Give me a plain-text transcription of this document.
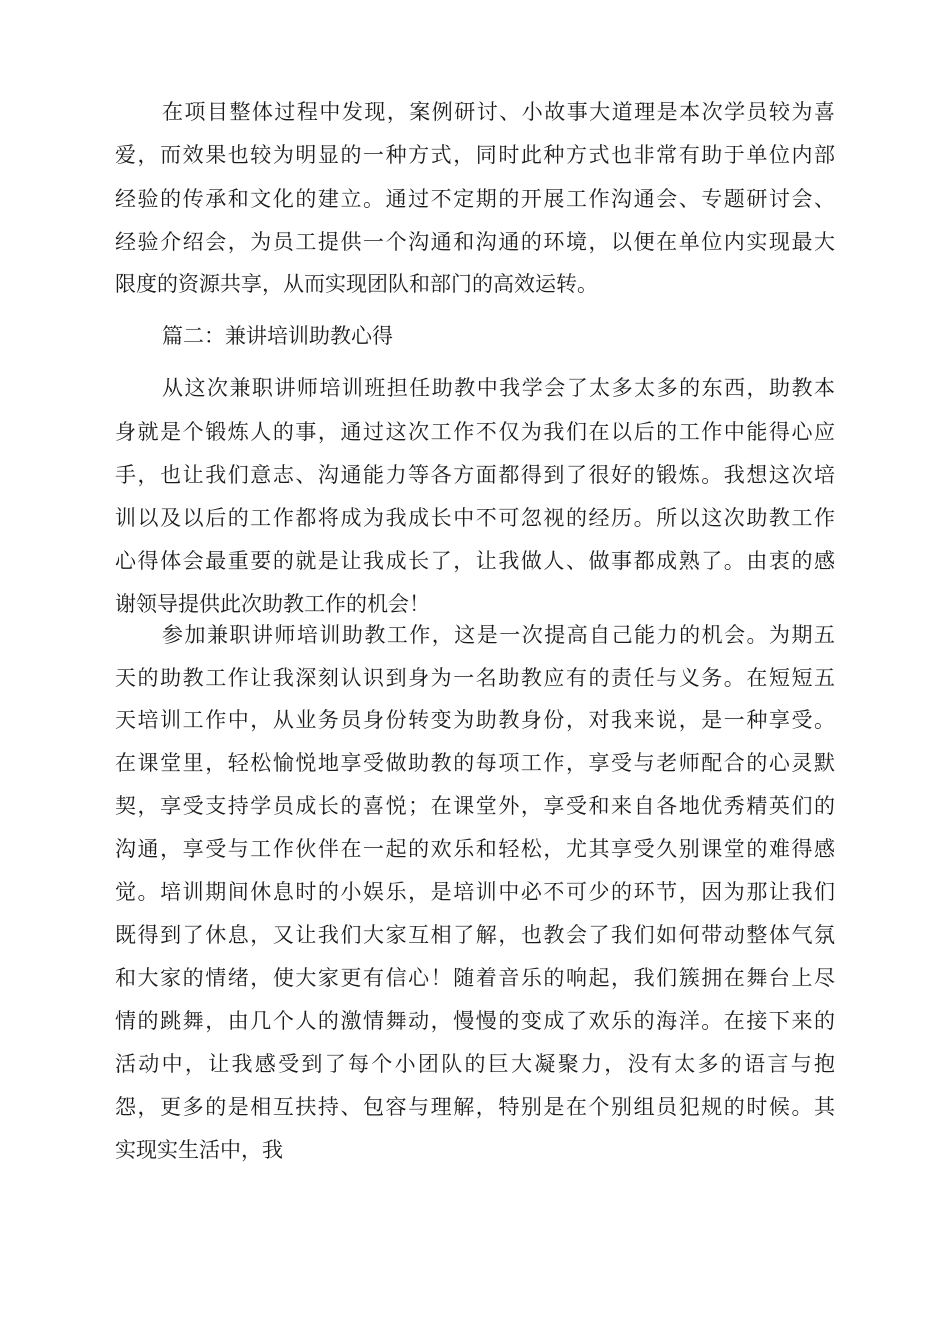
在项目整体过程中发现，案例研讨、小故事大道理是本次学员较为喜
爱，而效果也较为明显的一种方式，同时此种方式也非常有助于单位内部
经验的传承和文化的建立。通过不定期的开展工作沟通会、专题研讨会、
经验介绍会，为员工提供一个沟通和沟通的环境，以便在单位内实现最大
限度的资源共享，从而实现团队和部门的高效运转。
篇二：兼讲培训助教心得
从这次兼职讲师培训班担任助教中我学会了太多太多的东西，助教本
身就是个锻炼人的事，通过这次工作不仅为我们在以后的工作中能得心应
手，也让我们意志、沟通能力等各方面都得到了很好的锻炼。我想这次培
训以及以后的工作都将成为我成长中不可忽视的经历。所以这次助教工作
心得体会最重要的就是让我成长了，让我做人、做事都成熟了。由衷的感
谢领导提供此次助教工作的机会！
参加兼职讲师培训助教工作，这是一次提高自己能力的机会。为期五
天的助教工作让我深刻认识到身为一名助教应有的责任与义务。在短短五
天培训工作中，从业务员身份转变为助教身份，对我来说，是一种享受。
在课堂里，轻松愉悦地享受做助教的每项工作，享受与老师配合的心灵默
契，享受支持学员成长的喜悦；在课堂外，享受和来自各地优秀精英们的
沟通，享受与工作伙伴在一起的欢乐和轻松，尤其享受久别课堂的难得感
觉。培训期间休息时的小娱乐，是培训中必不可少的环节，因为那让我们
既得到了休息，又让我们大家互相了解，也教会了我们如何带动整体气氛
和大家的情绪，使大家更有信心！随着音乐的响起，我们簇拥在舞台上尽
情的跳舞，由几个人的激情舞动，慢慢的变成了欢乐的海洋。在接下来的
活动中，让我感受到了每个小团队的巨大凝聚力，没有太多的语言与抱
怨，更多的是相互扶持、包容与理解，特别是在个别组员犯规的时候。其
实现实生活中，我
